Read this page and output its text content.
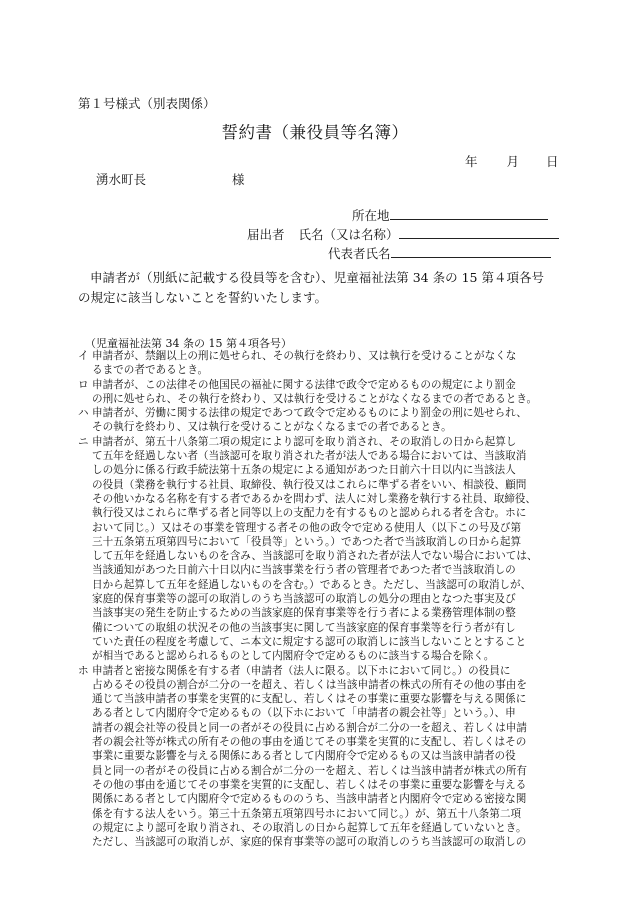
第１号様式（別表関係）
誓約書（兼役員等名簿）
年 月 日
湧水町長	様
所在地
届出者 氏名（又は名称）
代表者氏名
申請者が（別紙に記載する役員等を含む）、児童福祉法第 34 条の 15 第４項各号の規定に該当しないことを誓約いたします。
（児童福祉法第 34 条の 15 第４項各号）
イ 申請者が、禁錮以上の刑に処せられ、その執行を終わり、又は執行を受けることがなくな
るまでの者であるとき。
ロ 申請者が、この法律その他国民の福祉に関する法律で政令で定めるものの規定により罰金
の刑に処せられ、その執行を終わり、又は執行を受けることがなくなるまでの者であるとき。
ハ 申請者が、労働に関する法律の規定であつて政令で定めるものにより罰金の刑に処せられ、
その執行を終わり、又は執行を受けることがなくなるまでの者であるとき。
ニ 申請者が、第五十八条第二項の規定により認可を取り消され、その取消しの日から起算し
て五年を経過しない者（当該認可を取り消された者が法人である場合においては、当該取消
しの処分に係る行政手続法第十五条の規定による通知があつた日前六十日以内に当該法人
の役員（業務を執行する社員、取締役、執行役又はこれらに準ずる者をいい、相談役、顧問
その他いかなる名称を有する者であるかを問わず、法人に対し業務を執行する社員、取締役、
執行役又はこれらに準ずる者と同等以上の支配力を有するものと認められる者を含む。ホに
おいて同じ。）又はその事業を管理する者その他の政令で定める使用人（以下この号及び第
三十五条第五項第四号において「役員等」という。）であつた者で当該取消しの日から起算
して五年を経過しないものを含み、当該認可を取り消された者が法人でない場合においては、
当該通知があつた日前六十日以内に当該事業を行う者の管理者であつた者で当該取消しの
日から起算して五年を経過しないものを含む。）であるとき。ただし、当該認可の取消しが、
家庭的保育事業等の認可の取消しのうち当該認可の取消しの処分の理由となつた事実及び
当該事実の発生を防止するための当該家庭的保育事業等を行う者による業務管理体制の整
備についての取組の状況その他の当該事実に関して当該家庭的保育事業等を行う者が有し
ていた責任の程度を考慮して、ニ本文に規定する認可の取消しに該当しないこととすること
が相当であると認められるものとして内閣府令で定めるものに該当する場合を除く。
ホ 申請者と密接な関係を有する者（申請者（法人に限る。以下ホにおいて同じ。）の役員に
占めるその役員の割合が二分の一を超え、若しくは当該申請者の株式の所有その他の事由を
通じて当該申請者の事業を実質的に支配し、若しくはその事業に重要な影響を与える関係に
ある者として内閣府令で定めるもの（以下ホにおいて「申請者の親会社等」という。）、申
請者の親会社等の役員と同一の者がその役員に占める割合が二分の一を超え、若しくは申請
者の親会社等が株式の所有その他の事由を通じてその事業を実質的に支配し、若しくはその
事業に重要な影響を与える関係にある者として内閣府令で定めるもの又は当該申請者の役
員と同一の者がその役員に占める割合が二分の一を超え、若しくは当該申請者が株式の所有
その他の事由を通じてその事業を実質的に支配し、若しくはその事業に重要な影響を与える
関係にある者として内閣府令で定めるもののうち、当該申請者と内閣府令で定める密接な関
係を有する法人をいう。第三十五条第五項第四号ホにおいて同じ。）が、第五十八条第二項
の規定により認可を取り消され、その取消しの日から起算して五年を経過していないとき。
ただし、当該認可の取消しが、家庭的保育事業等の認可の取消しのうち当該認可の取消しの
